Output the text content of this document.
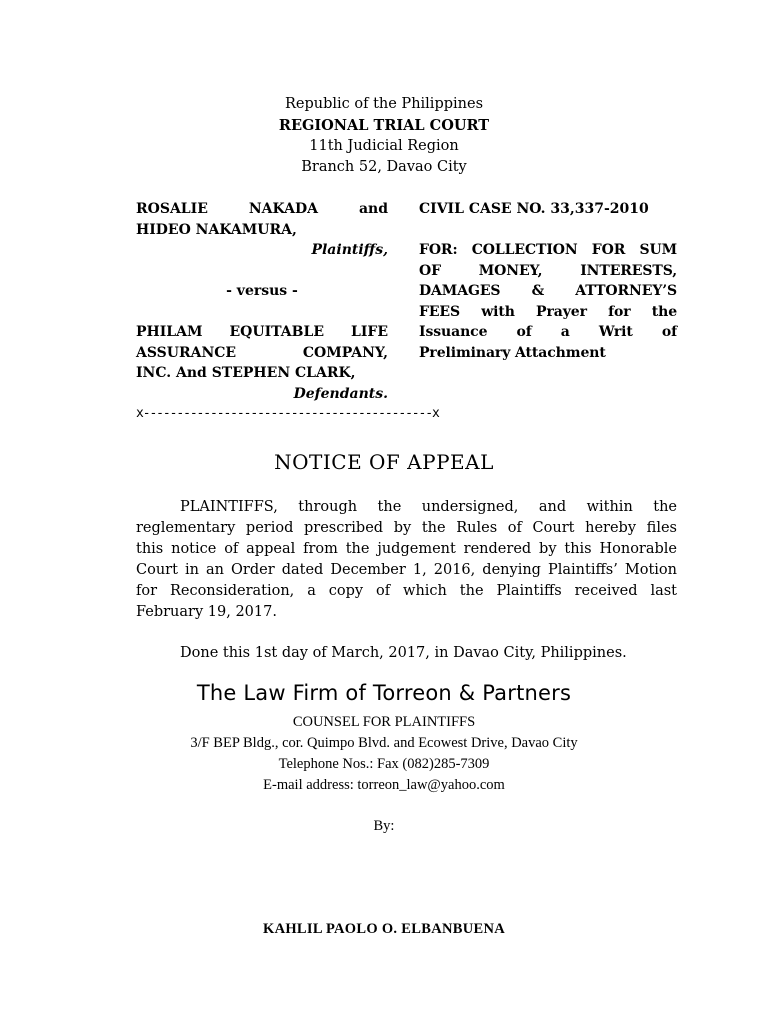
Republic of the Philippines
REGIONAL TRIAL COURT
11th Judicial Region
Branch 52, Davao City
ROSALIE NAKADA and
HIDEO NAKAMURA,
Plaintiffs,
- versus -
PHILAM EQUITABLE LIFE
ASSURANCE COMPANY,
INC. And STEPHEN CLARK,
Defendants.
CIVIL CASE NO. 33,337-2010
FOR: COLLECTION FOR SUM
OF MONEY, INTERESTS,
DAMAGES & ATTORNEY’S
FEES with Prayer for the
Issuance of a Writ of
Preliminary Attachment
x-------------------------------------------x
NOTICE OF APPEAL
PLAINTIFFS, through the undersigned, and within the
reglementary period prescribed by the Rules of Court hereby files
this notice of appeal from the judgement rendered by this Honorable
Court in an Order dated December 1, 2016, denying Plaintiffs’ Motion
for Reconsideration, a copy of which the Plaintiffs received last
February 19, 2017.
Done this 1st day of March, 2017, in Davao City, Philippines.
The Law Firm of Torreon & Partners
COUNSEL FOR PLAINTIFFS
3/F BEP Bldg., cor. Quimpo Blvd. and Ecowest Drive, Davao City
Telephone Nos.: Fax (082)285-7309
E-mail address: torreon_law@yahoo.com
By:
KAHLIL PAOLO O. ELBANBUENA
